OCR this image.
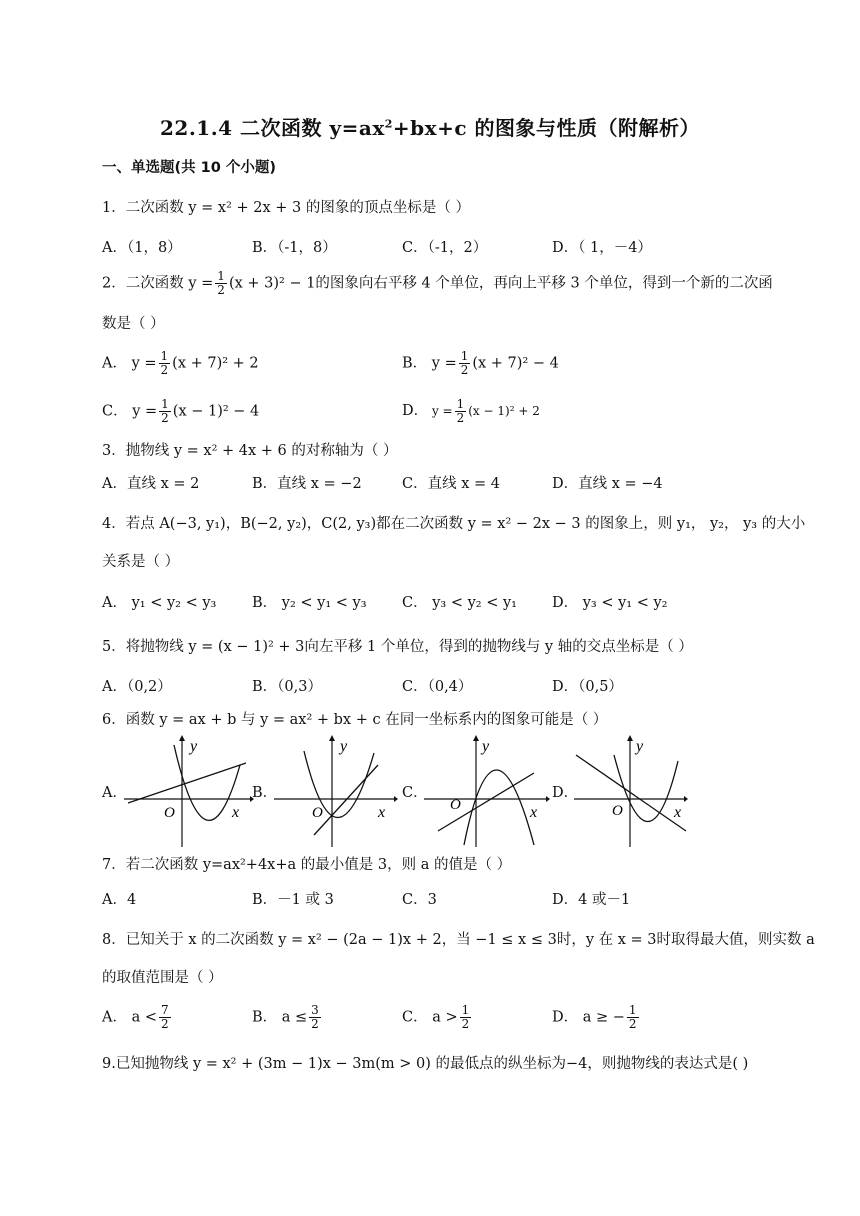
22.1.4 二次函数 $y=ax^2+bx+c$ 的图象与性质（附解析）
一、单选题(共 10 个小题)
1．二次函数 y = x² + 2x + 3 的图象的顶点坐标是（ ）
A．（1，8）	B．（-1，8）	C．（-1，2）	D．（ 1，－4）
2．二次函数 $y = \frac{1}{2} (x + 3)^2 - 1$的图象向右平移 4 个单位，再向上平移 3 个单位，得到一个新的二次函
数是（ ）
A． $y = \frac{1}{2} (x + 7)^2 + 2$	B． $y = \frac{1}{2} (x + 7)^2 - 4$
C． $y = \frac{1}{2} (x - 1)^2 - 4$	D． $y = \frac{1}{2} (x - 1)^2 + 2$
3．抛物线 y = x² + 4x + 6 的对称轴为（ ）
A．直线 x = 2	B．直线 x = −2	C．直线 x = 4	D．直线 x = −4
4．若点 A(−3, y₁)，B(−2, y₂)，C(2, y₃)都在二次函数 y = x² − 2x − 3 的图象上，则 y₁， y₂， y₃ 的大小
关系是（ ）
A． y₁ < y₂ < y₃ B． y₂ < y₁ < y₃ C． y₃ < y₂ < y₁ D． y₃ < y₁ < y₂
5．将抛物线 y = (x − 1)² + 3向左平移 1 个单位，得到的抛物线与 y 轴的交点坐标是（ ）
A．（0,2）	B．（0,3）	C．（0,4）	D．（0,5）
6．函数 y = ax + b 与 y = ax² + bx + c 在同一坐标系内的图象可能是（ ）
A．
y
O	x
B．
y
O	x
C．
y
O	x
D．
y
O	x
7．若二次函数 y=ax²+4x+a 的最小值是 3，则 a 的值是（ ）
A．4	B．－1 或 3	C．3	D．4 或－1
8．已知关于 x 的二次函数 y = x² − (2a − 1)x + 2，当 −1 ≤ x ≤ 3时，y 在 x = 3时取得最大值，则实数 a
的取值范围是（ ）
A． $a < \frac{7}{2}$	B． $a \le \frac{3}{2}$	C． $a > \frac{1}{2}$	D． a ≥ − $\frac{1}{2}$
9.已知抛物线 y = x² + (3m − 1)x − 3m(m > 0) 的最低点的纵坐标为−4，则抛物线的表达式是( )
